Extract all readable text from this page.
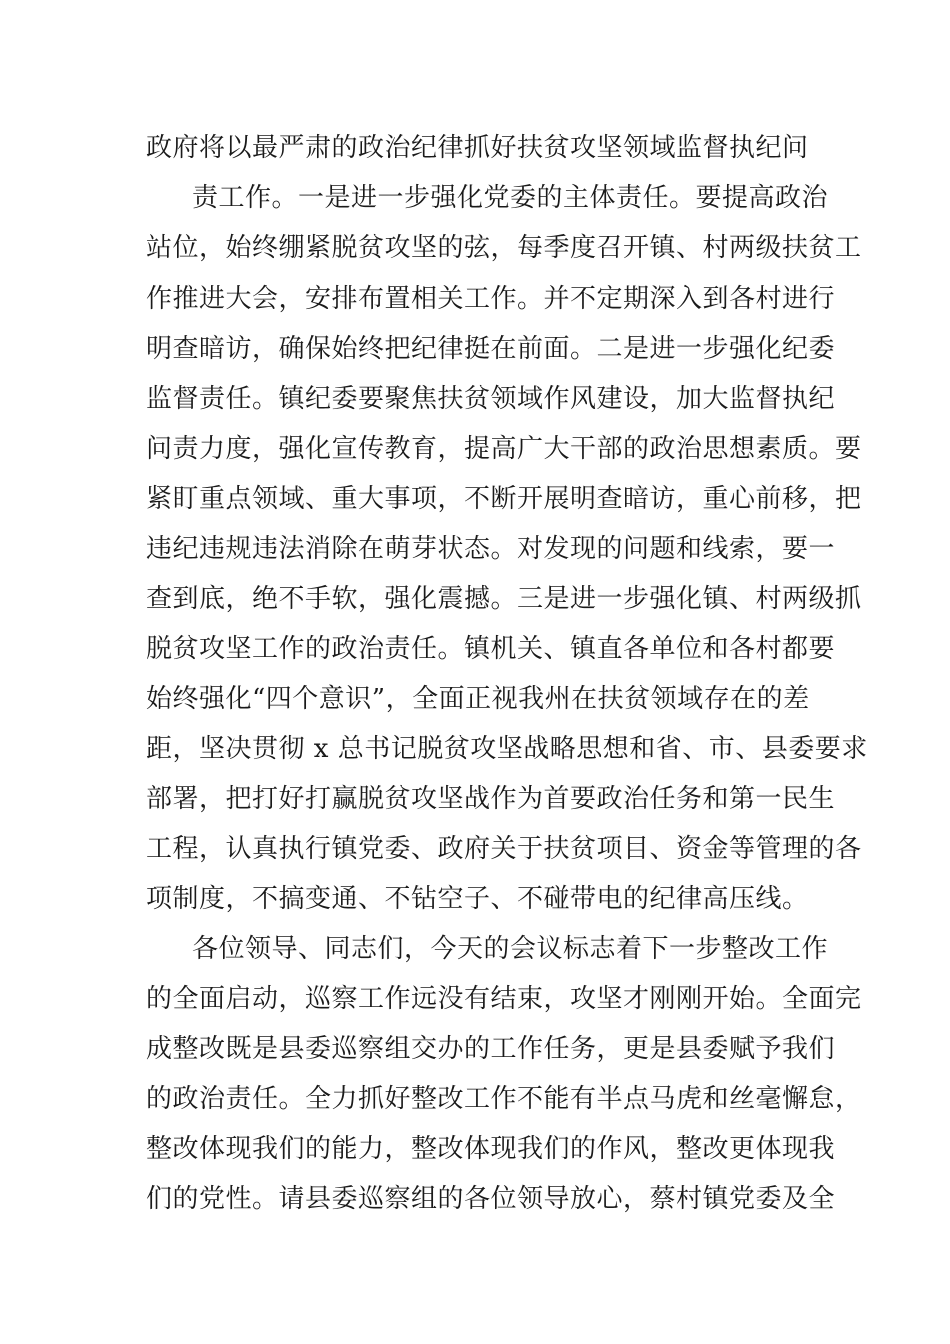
政府将以最严肃的政治纪律抓好扶贫攻坚领域监督执纪问
责工作。一是进一步强化党委的主体责任。要提高政治
站位，始终绷紧脱贫攻坚的弦，每季度召开镇、村两级扶贫工
作推进大会，安排布置相关工作。并不定期深入到各村进行
明查暗访，确保始终把纪律挺在前面。二是进一步强化纪委
监督责任。镇纪委要聚焦扶贫领域作风建设，加大监督执纪
问责力度，强化宣传教育，提高广大干部的政治思想素质。要
紧盯重点领域、重大事项，不断开展明查暗访，重心前移，把
违纪违规违法消除在萌芽状态。对发现的问题和线索，要一
查到底，绝不手软，强化震撼。三是进一步强化镇、村两级抓
脱贫攻坚工作的政治责任。镇机关、镇直各单位和各村都要
始终强化“四个意识”，全面正视我州在扶贫领域存在的差
距，坚决贯彻 x 总书记脱贫攻坚战略思想和省、市、县委要求
部署，把打好打赢脱贫攻坚战作为首要政治任务和第一民生
工程，认真执行镇党委、政府关于扶贫项目、资金等管理的各
项制度，不搞变通、不钻空子、不碰带电的纪律高压线。
各位领导、同志们，今天的会议标志着下一步整改工作
的全面启动，巡察工作远没有结束，攻坚才刚刚开始。全面完
成整改既是县委巡察组交办的工作任务，更是县委赋予我们
的政治责任。全力抓好整改工作不能有半点马虎和丝毫懈怠，
整改体现我们的能力，整改体现我们的作风，整改更体现我
们的党性。请县委巡察组的各位领导放心，蔡村镇党委及全
